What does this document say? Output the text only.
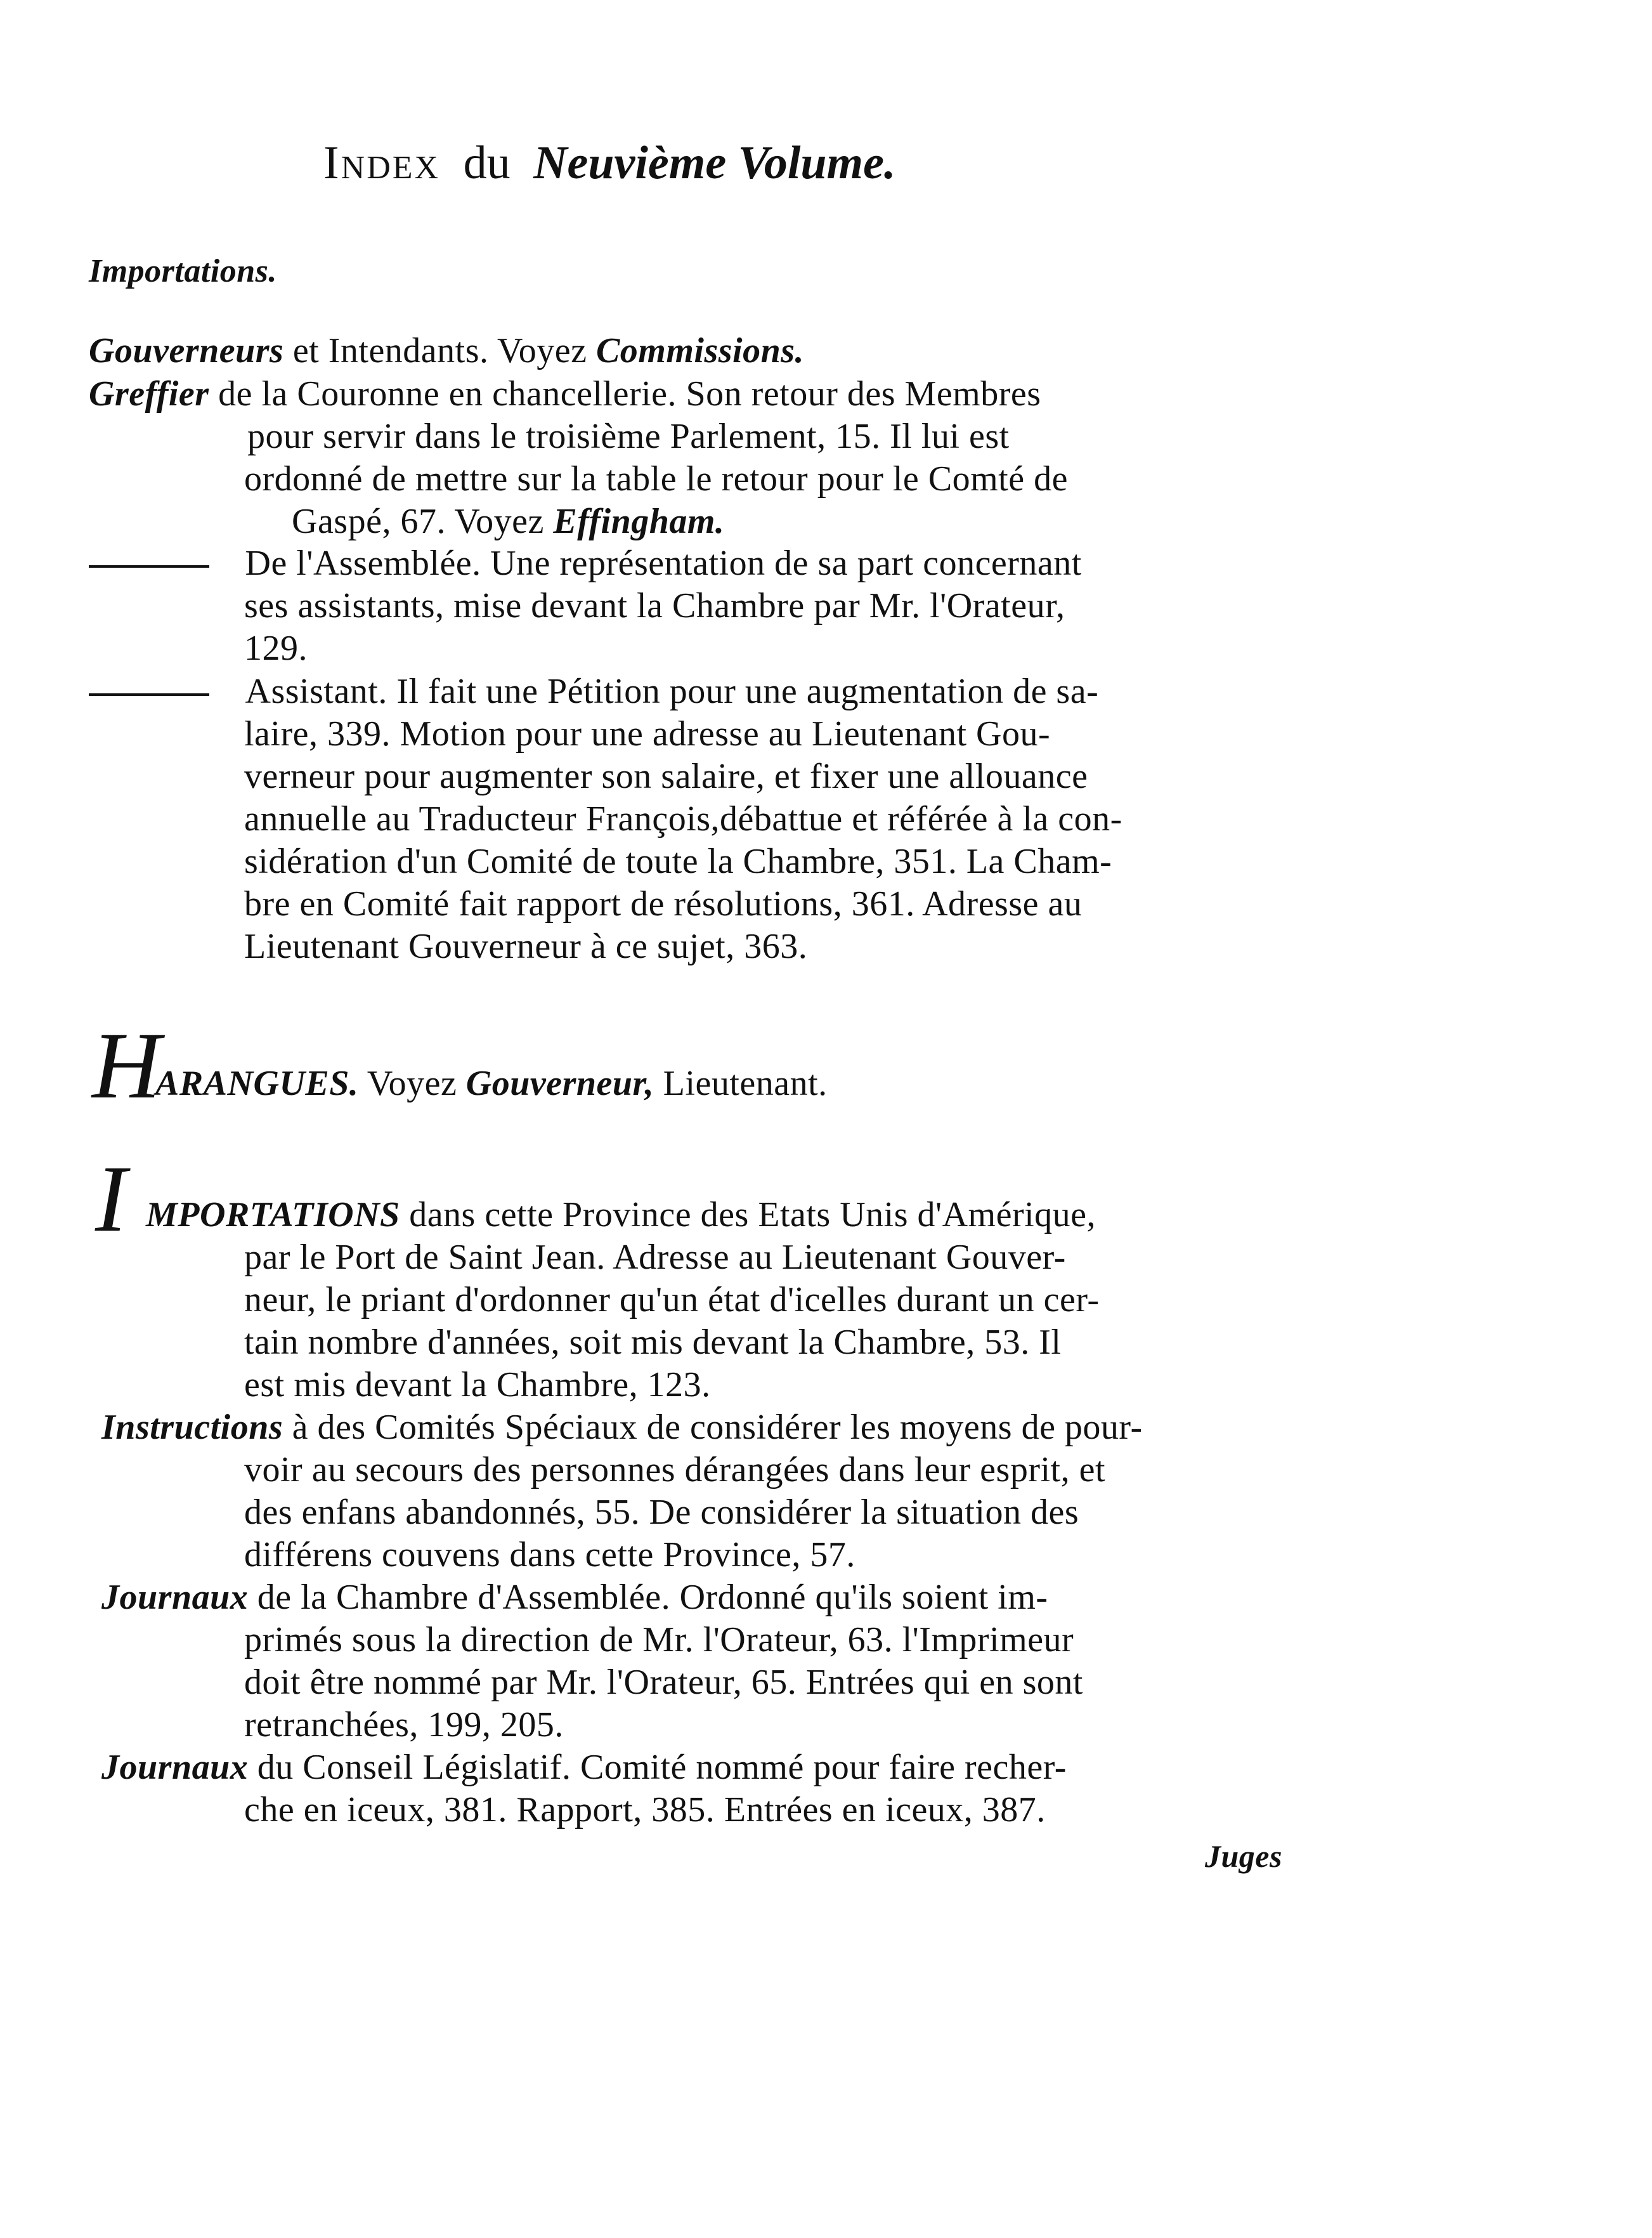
Index du Neuvième Volume.
Importations.
Gouverneurs et Intendants. Voyez Commissions.
Greffier de la Couronne en chancellerie. Son retour des Membres
pour servir dans le troisième Parlement, 15. Il lui est
ordonné de mettre sur la table le retour pour le Comté de
Gaspé, 67. Voyez Effingham.
De l'Assemblée. Une représentation de sa part concernant
ses assistants, mise devant la Chambre par Mr. l'Orateur,
129.
Assistant. Il fait une Pétition pour une augmentation de sa-
laire, 339. Motion pour une adresse au Lieutenant Gou-
verneur pour augmenter son salaire, et fixer une allouance
annuelle au Traducteur François,débattue et référée à la con-
sidération d'un Comité de toute la Chambre, 351. La Cham-
bre en Comité fait rapport de résolutions, 361. Adresse au
Lieutenant Gouverneur à ce sujet, 363.
H
ARANGUES. Voyez Gouverneur, Lieutenant.
I MPORTATIONS dans cette Province des Etats Unis d'Amérique,
par le Port de Saint Jean. Adresse au Lieutenant Gouver-
neur, le priant d'ordonner qu'un état d'icelles durant un cer-
tain nombre d'années, soit mis devant la Chambre, 53. Il
est mis devant la Chambre, 123.
Instructions à des Comités Spéciaux de considérer les moyens de pour-
voir au secours des personnes dérangées dans leur esprit, et
des enfans abandonnés, 55. De considérer la situation des
différens couvens dans cette Province, 57.
Journaux de la Chambre d'Assemblée. Ordonné qu'ils soient im-
primés sous la direction de Mr. l'Orateur, 63. l'Imprimeur
doit être nommé par Mr. l'Orateur, 65. Entrées qui en sont
retranchées, 199, 205.
Journaux du Conseil Législatif. Comité nommé pour faire recher-
che en iceux, 381. Rapport, 385. Entrées en iceux, 387.
Juges
